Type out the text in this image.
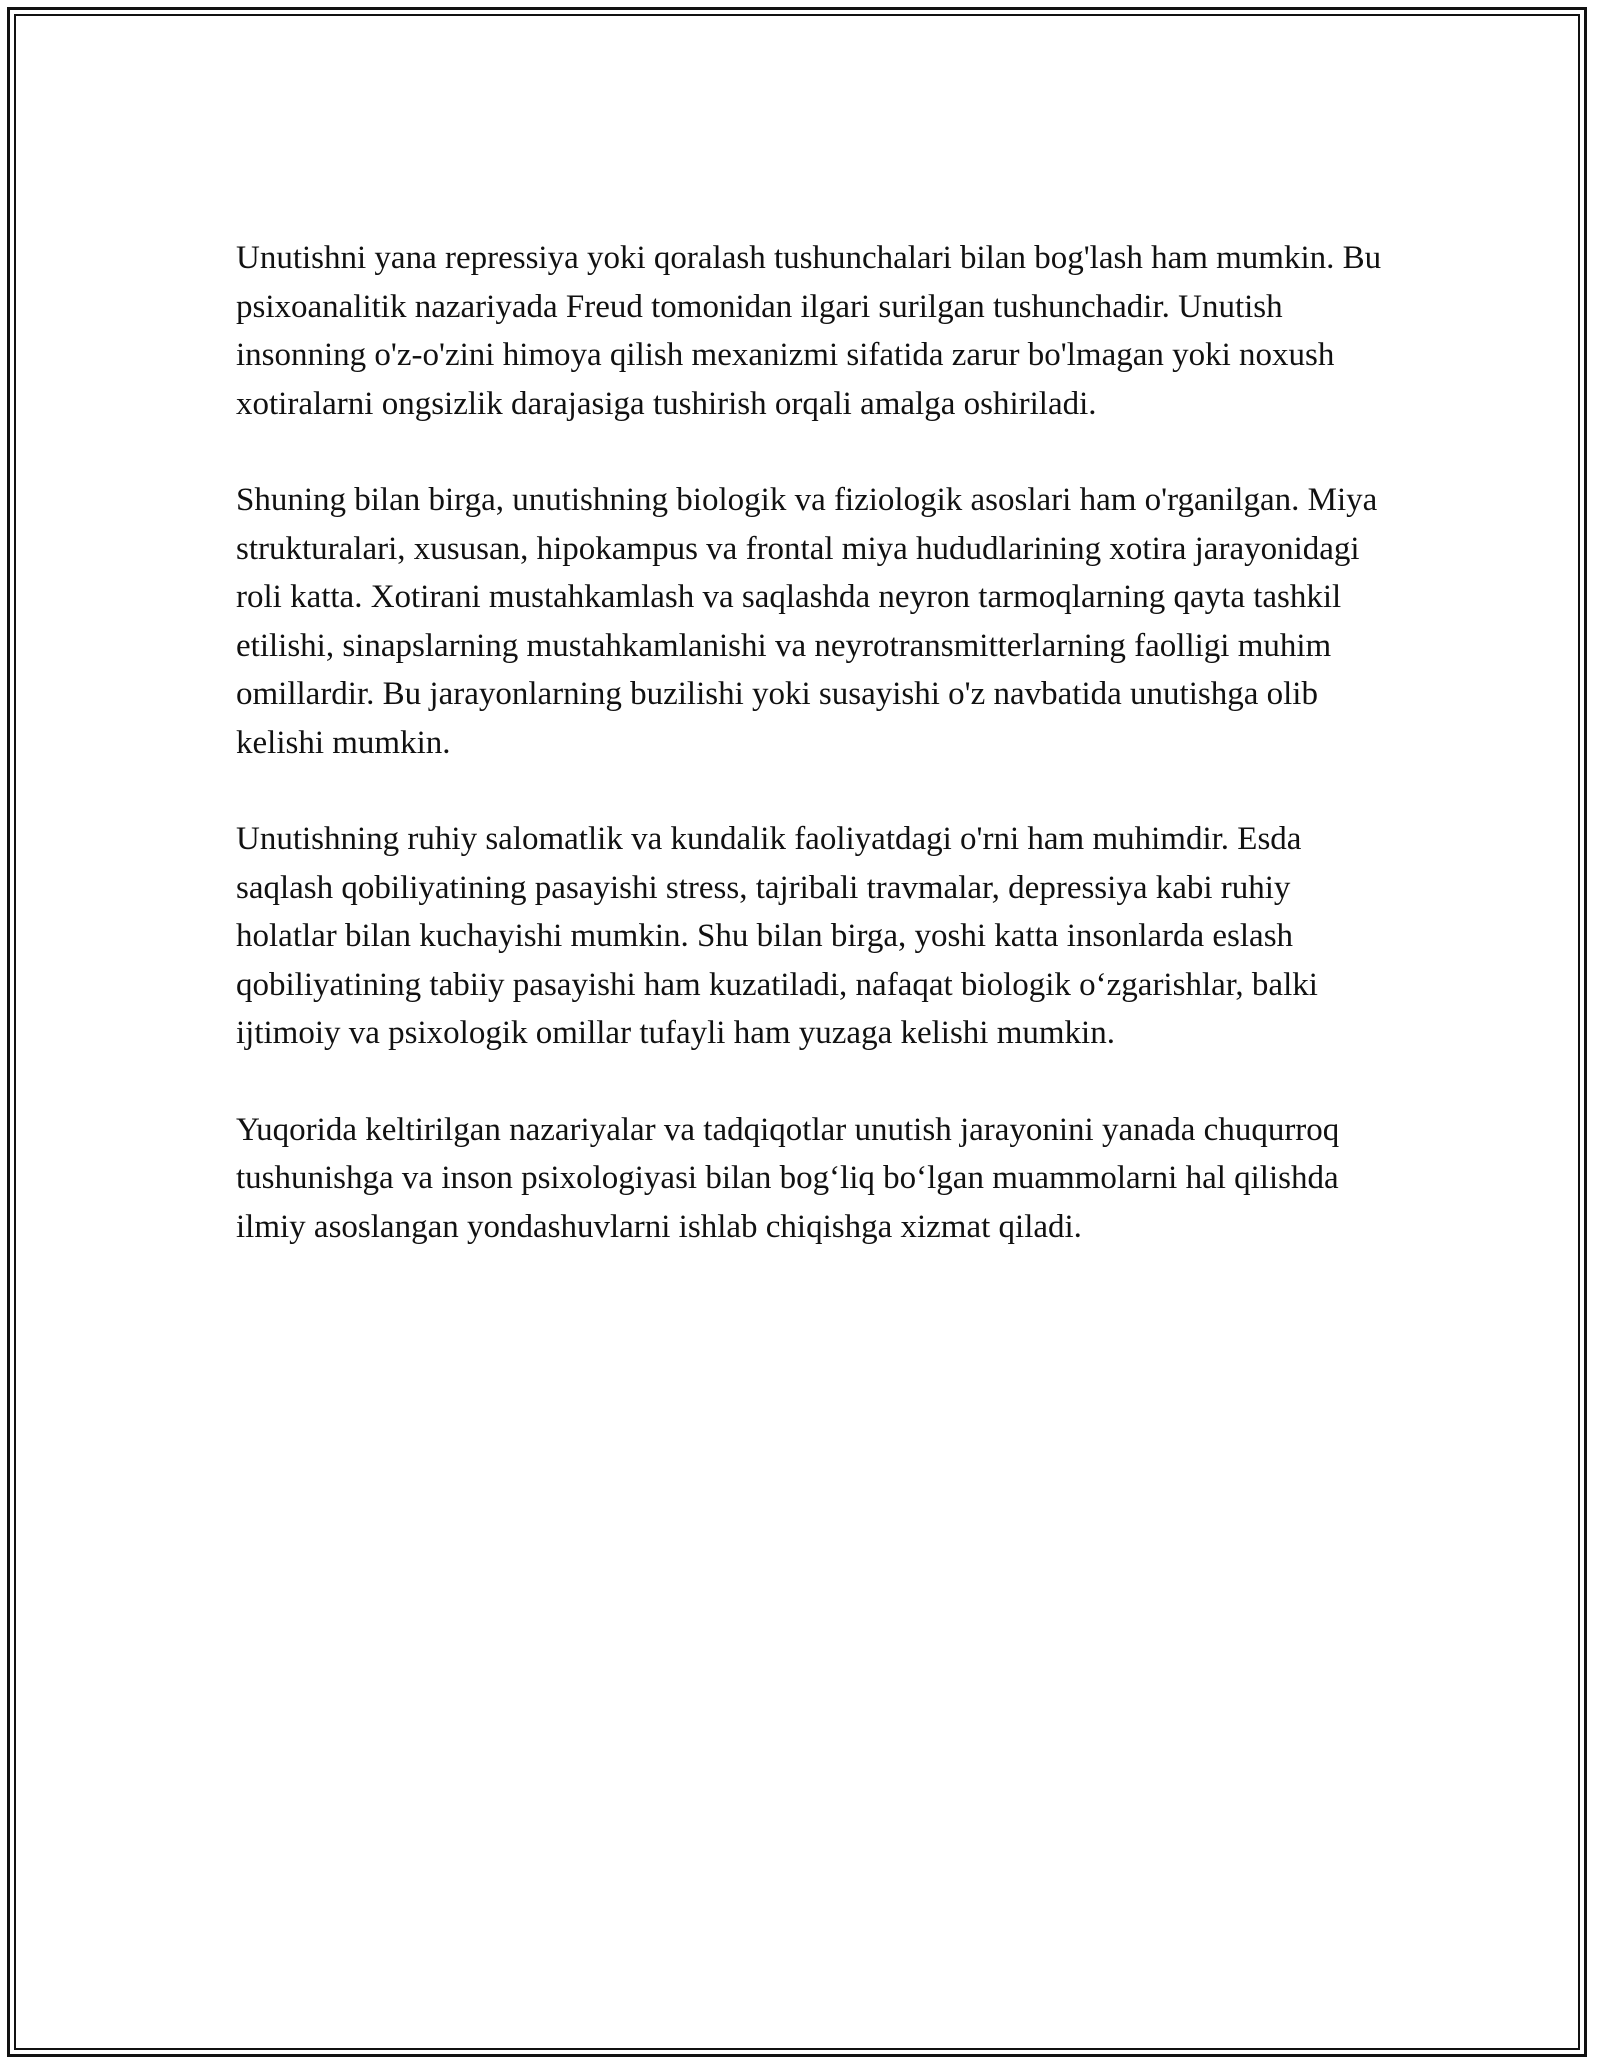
Unutishni yana repressiya yoki qoralash tushunchalari bilan bog'lash ham mumkin. Bu psixoanalitik nazariyada Freud tomonidan ilgari surilgan tushunchadir. Unutish insonning o'z-o'zini himoya qilish mexanizmi sifatida zarur bo'lmagan yoki noxush xotiralarni ongsizlik darajasiga tushirish orqali amalga oshiriladi.

Shuning bilan birga, unutishning biologik va fiziologik asoslari ham o'rganilgan. Miya strukturalari, xususan, hipokampus va frontal miya hududlarining xotira jarayonidagi roli katta. Xotirani mustahkamlash va saqlashda neyron tarmoqlarning qayta tashkil etilishi, sinapslarning mustahkamlanishi va neyrotransmitterlarning faolligi muhim omillardir. Bu jarayonlarning buzilishi yoki susayishi o'z navbatida unutishga olib kelishi mumkin.

Unutishning ruhiy salomatlik va kundalik faoliyatdagi o'rni ham muhimdir. Esda saqlash qobiliyatining pasayishi stress, tajribali travmalar, depressiya kabi ruhiy holatlar bilan kuchayishi mumkin. Shu bilan birga, yoshi katta insonlarda eslash qobiliyatining tabiiy pasayishi ham kuzatiladi, nafaqat biologik o‘zgarishlar, balki ijtimoiy va psixologik omillar tufayli ham yuzaga kelishi mumkin.

Yuqorida keltirilgan nazariyalar va tadqiqotlar unutish jarayonini yanada chuqurroq tushunishga va inson psixologiyasi bilan bog‘liq bo‘lgan muammolarni hal qilishda ilmiy asoslangan yondashuvlarni ishlab chiqishga xizmat qiladi.
